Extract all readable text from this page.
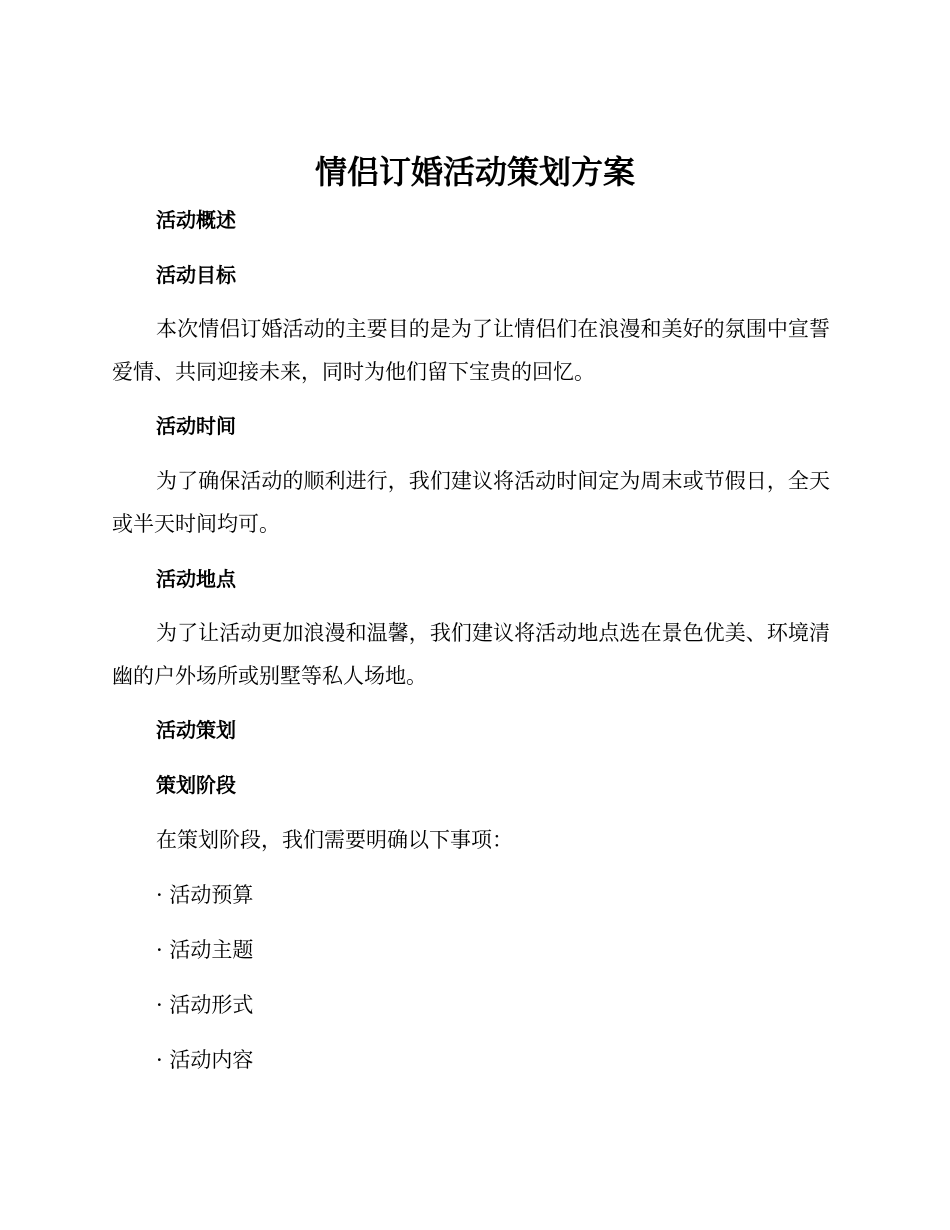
情侣订婚活动策划方案
活动概述
活动目标

本次情侣订婚活动的主要目的是为了让情侣们在浪漫和美好的氛围中宣誓爱情、共同迎接未来，同时为他们留下宝贵的回忆。

活动时间

为了确保活动的顺利进行，我们建议将活动时间定为周末或节假日，全天或半天时间均可。

活动地点

为了让活动更加浪漫和温馨，我们建议将活动地点选在景色优美、环境清幽的户外场所或别墅等私人场地。

活动策划
策划阶段

在策划阶段，我们需要明确以下事项：

· 活动预算

· 活动主题

· 活动形式

· 活动内容
